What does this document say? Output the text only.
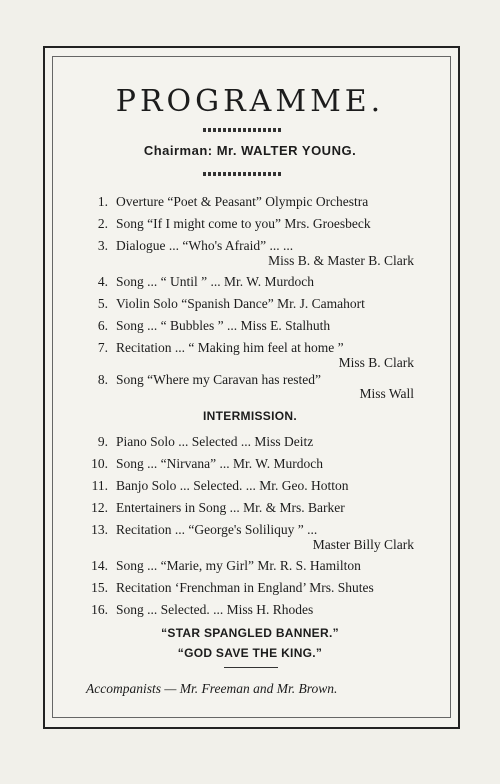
PROGRAMME.
Chairman: Mr. WALTER YOUNG.
1. Overture “Poet & Peasant” Olympic Orchestra
2. Song “If I might come to you” Mrs. Groesbeck
3. Dialogue ... “Who's Afraid” ... ...
Miss B. & Master B. Clark
4. Song ... “ Until ” ... Mr. W. Murdoch
5. Violin Solo “Spanish Dance” Mr. J. Camahort
6. Song ... “ Bubbles ” ... Miss E. Stalhuth
7. Recitation ... “ Making him feel at home ”
Miss B. Clark
8. Song “Where my Caravan has rested”
Miss Wall
INTERMISSION.
9. Piano Solo ... Selected ... Miss Deitz
10. Song ... “Nirvana” ... Mr. W. Murdoch
11. Banjo Solo ... Selected. ... Mr. Geo. Hotton
12. Entertainers in Song ... Mr. & Mrs. Barker
13. Recitation ... “George's Soliliquy ” ...
Master Billy Clark
14. Song ... “Marie, my Girl” Mr. R. S. Hamilton
15. Recitation ‘Frenchman in England’ Mrs. Shutes
16. Song ... Selected. ... Miss H. Rhodes
“STAR SPANGLED BANNER.”
“GOD SAVE THE KING.”
Accompanists — Mr. Freeman and Mr. Brown.
